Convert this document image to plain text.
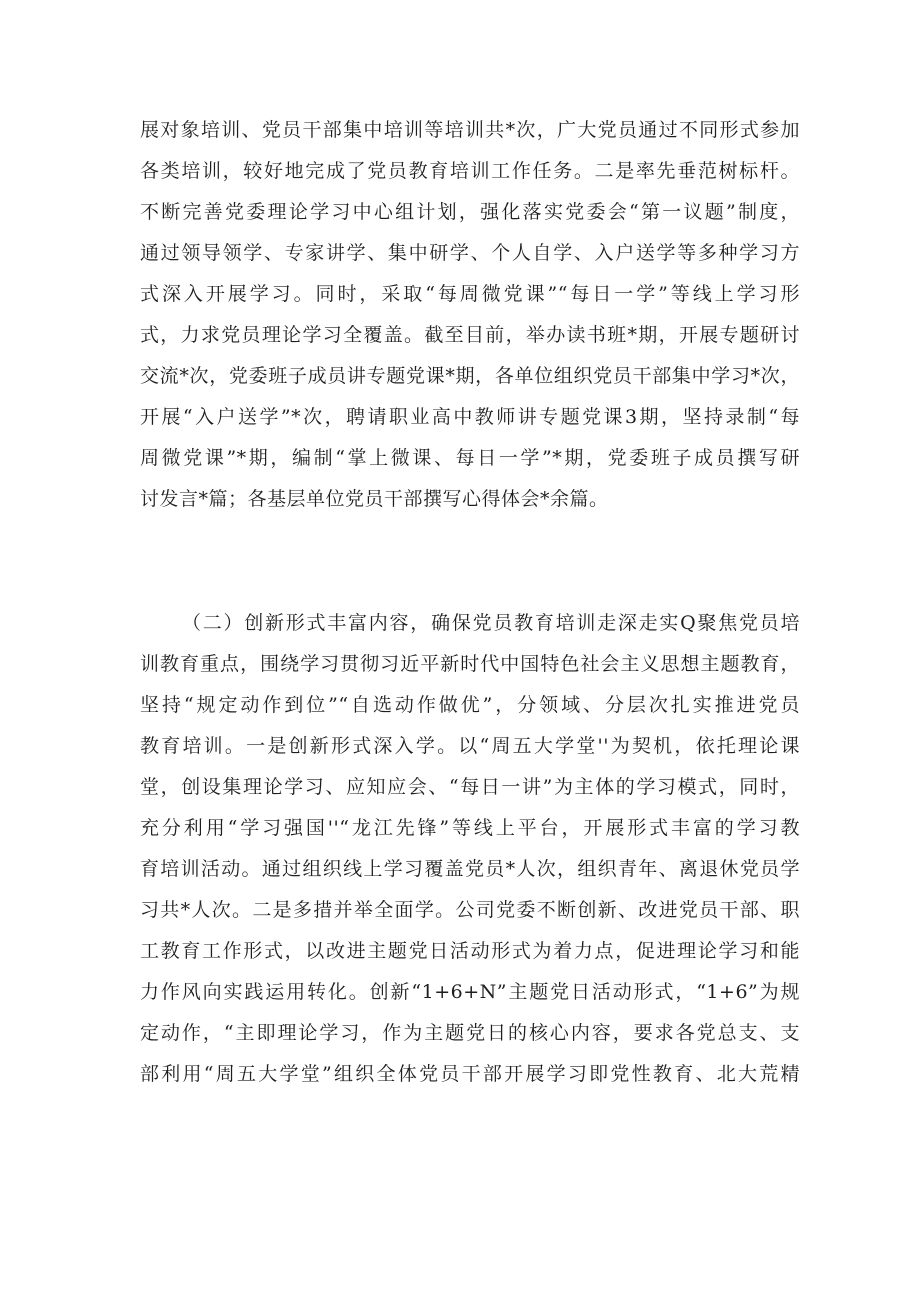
展对象培训、党员干部集中培训等培训共*次，广大党员通过不同形式参加
各类培训，较好地完成了党员教育培训工作任务。二是率先垂范树标杆。
不断完善党委理论学习中心组计划，强化落实党委会“第一议题”制度，
通过领导领学、专家讲学、集中研学、个人自学、入户送学等多种学习方
式深入开展学习。同时，采取“每周微党课”“每日一学”等线上学习形
式，力求党员理论学习全覆盖。截至目前，举办读书班*期，开展专题研讨
交流*次，党委班子成员讲专题党课*期，各单位组织党员干部集中学习*次，
开展“入户送学”*次，聘请职业高中教师讲专题党课3期，坚持录制“每
周微党课”*期，编制“掌上微课、每日一学”*期，党委班子成员撰写研
讨发言*篇；各基层单位党员干部撰写心得体会*余篇。
（二）创新形式丰富内容，确保党员教育培训走深走实Q聚焦党员培
训教育重点，围绕学习贯彻习近平新时代中国特色社会主义思想主题教育，
坚持“规定动作到位”“自选动作做优”，分领域、分层次扎实推进党员
教育培训。一是创新形式深入学。以“周五大学堂''为契机，依托理论课
堂，创设集理论学习、应知应会、“每日一讲”为主体的学习模式，同时，
充分利用“学习强国''“龙江先锋”等线上平台，开展形式丰富的学习教
育培训活动。通过组织线上学习覆盖党员*人次，组织青年、离退休党员学
习共*人次。二是多措并举全面学。公司党委不断创新、改进党员干部、职
工教育工作形式，以改进主题党日活动形式为着力点，促进理论学习和能
力作风向实践运用转化。创新“1+6+N”主题党日活动形式，“1+6”为规
定动作，“主即理论学习，作为主题党日的核心内容，要求各党总支、支
部利用“周五大学堂”组织全体党员干部开展学习即党性教育、北大荒精
